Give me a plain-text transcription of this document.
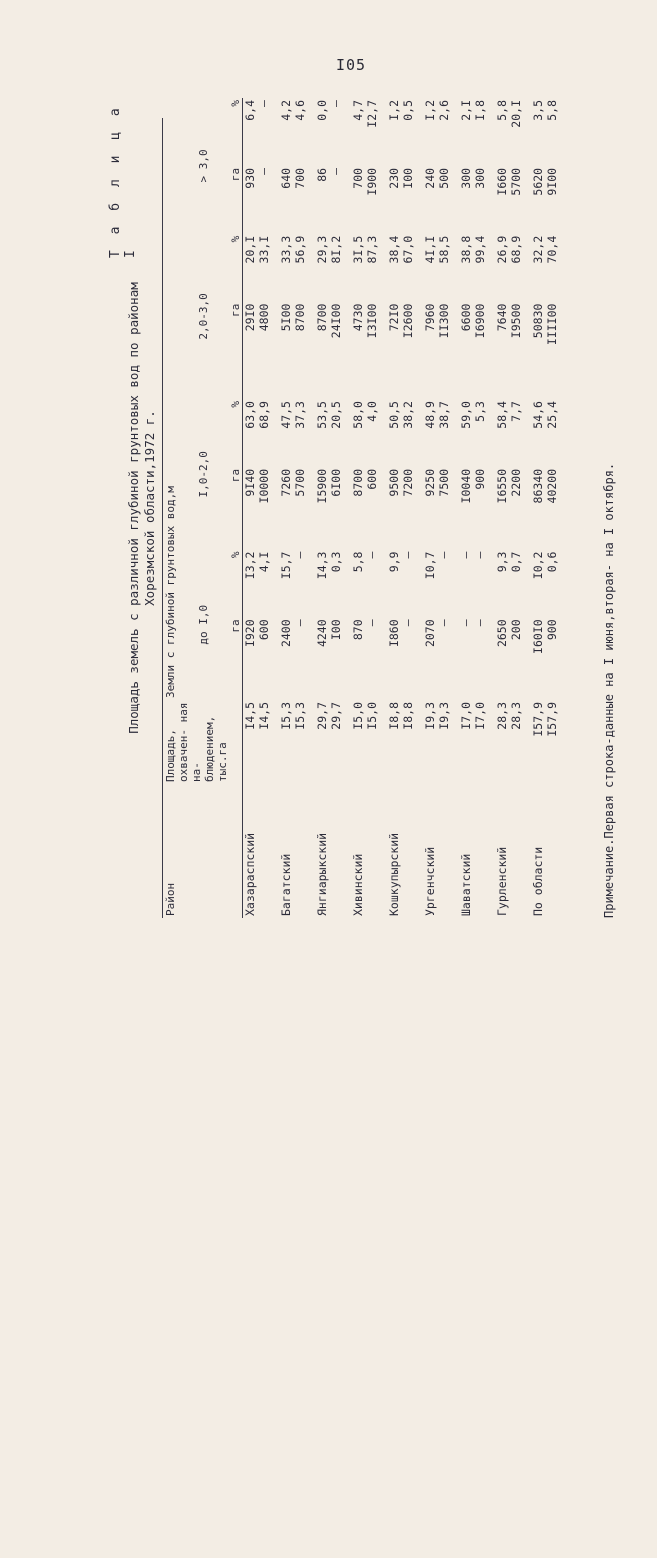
I05
Т а б л и ц а I
Площадь земель с различной глубиной грунтовых вод по районам Хорезмской области,1972 г.
Район	Площадь, охвачен- ная на- блюдением, тыс.га	Земли с глубиной грунтовых вод,м							
		до I,0		I,0-2,0		2,0-3,0		> 3,0	
		га	%	га	%	га	%	га	%
Хазараспский	I4,5	I920	I3,2	9I40	63,0	29I0	20,I	930	6,4
	I4,5	600	4,I	I0000	68,9	4800	33,I	–	–

Багатский	I5,3	2400	I5,7	7260	47,5	5I00	33,3	640	4,2
	I5,3	–	–	5700	37,3	8700	56,9	700	4,6

Янгиарыкский	29,7	4240	I4,3	I5900	53,5	8700	29,3	86	0,0
	29,7	I00	0,3	6I00	20,5	24I00	8I,2	–	–

Хивинский	I5,0	870	5,8	8700	58,0	4730	3I,5	700	4,7
	I5,0	–	–	600	4,0	I3I00	87,3	I900	I2,7

Кошкупырский	I8,8	I860	9,9	9500	50,5	72I0	38,4	230	I,2
	I8,8	–	–	7200	38,2	I2600	67,0	I00	0,5

Ургенчский	I9,3	2070	I0,7	9250	48,9	7960	4I,I	240	I,2
	I9,3	–	–	7500	38,7	II300	58,5	500	2,6

Шаватский	I7,0	–	–	I0040	59,0	6600	38,8	300	2,I
	I7,0	–	–	900	5,3	I6900	99,4	300	I,8

Гурленский	28,3	2650	9,3	I6550	58,4	7640	26,9	I660	5,8
	28,3	200	0,7	2200	7,7	I9500	68,9	5700	20,I

По области	I57,9	I60I0	I0,2	86340	54,6	50830	32,2	5620	3,5
	I57,9	900	0,6	40200	25,4	IIII00	70,4	9I00	5,8
Примечание.Первая строка-данные на I июня,вторая- на I октября.
